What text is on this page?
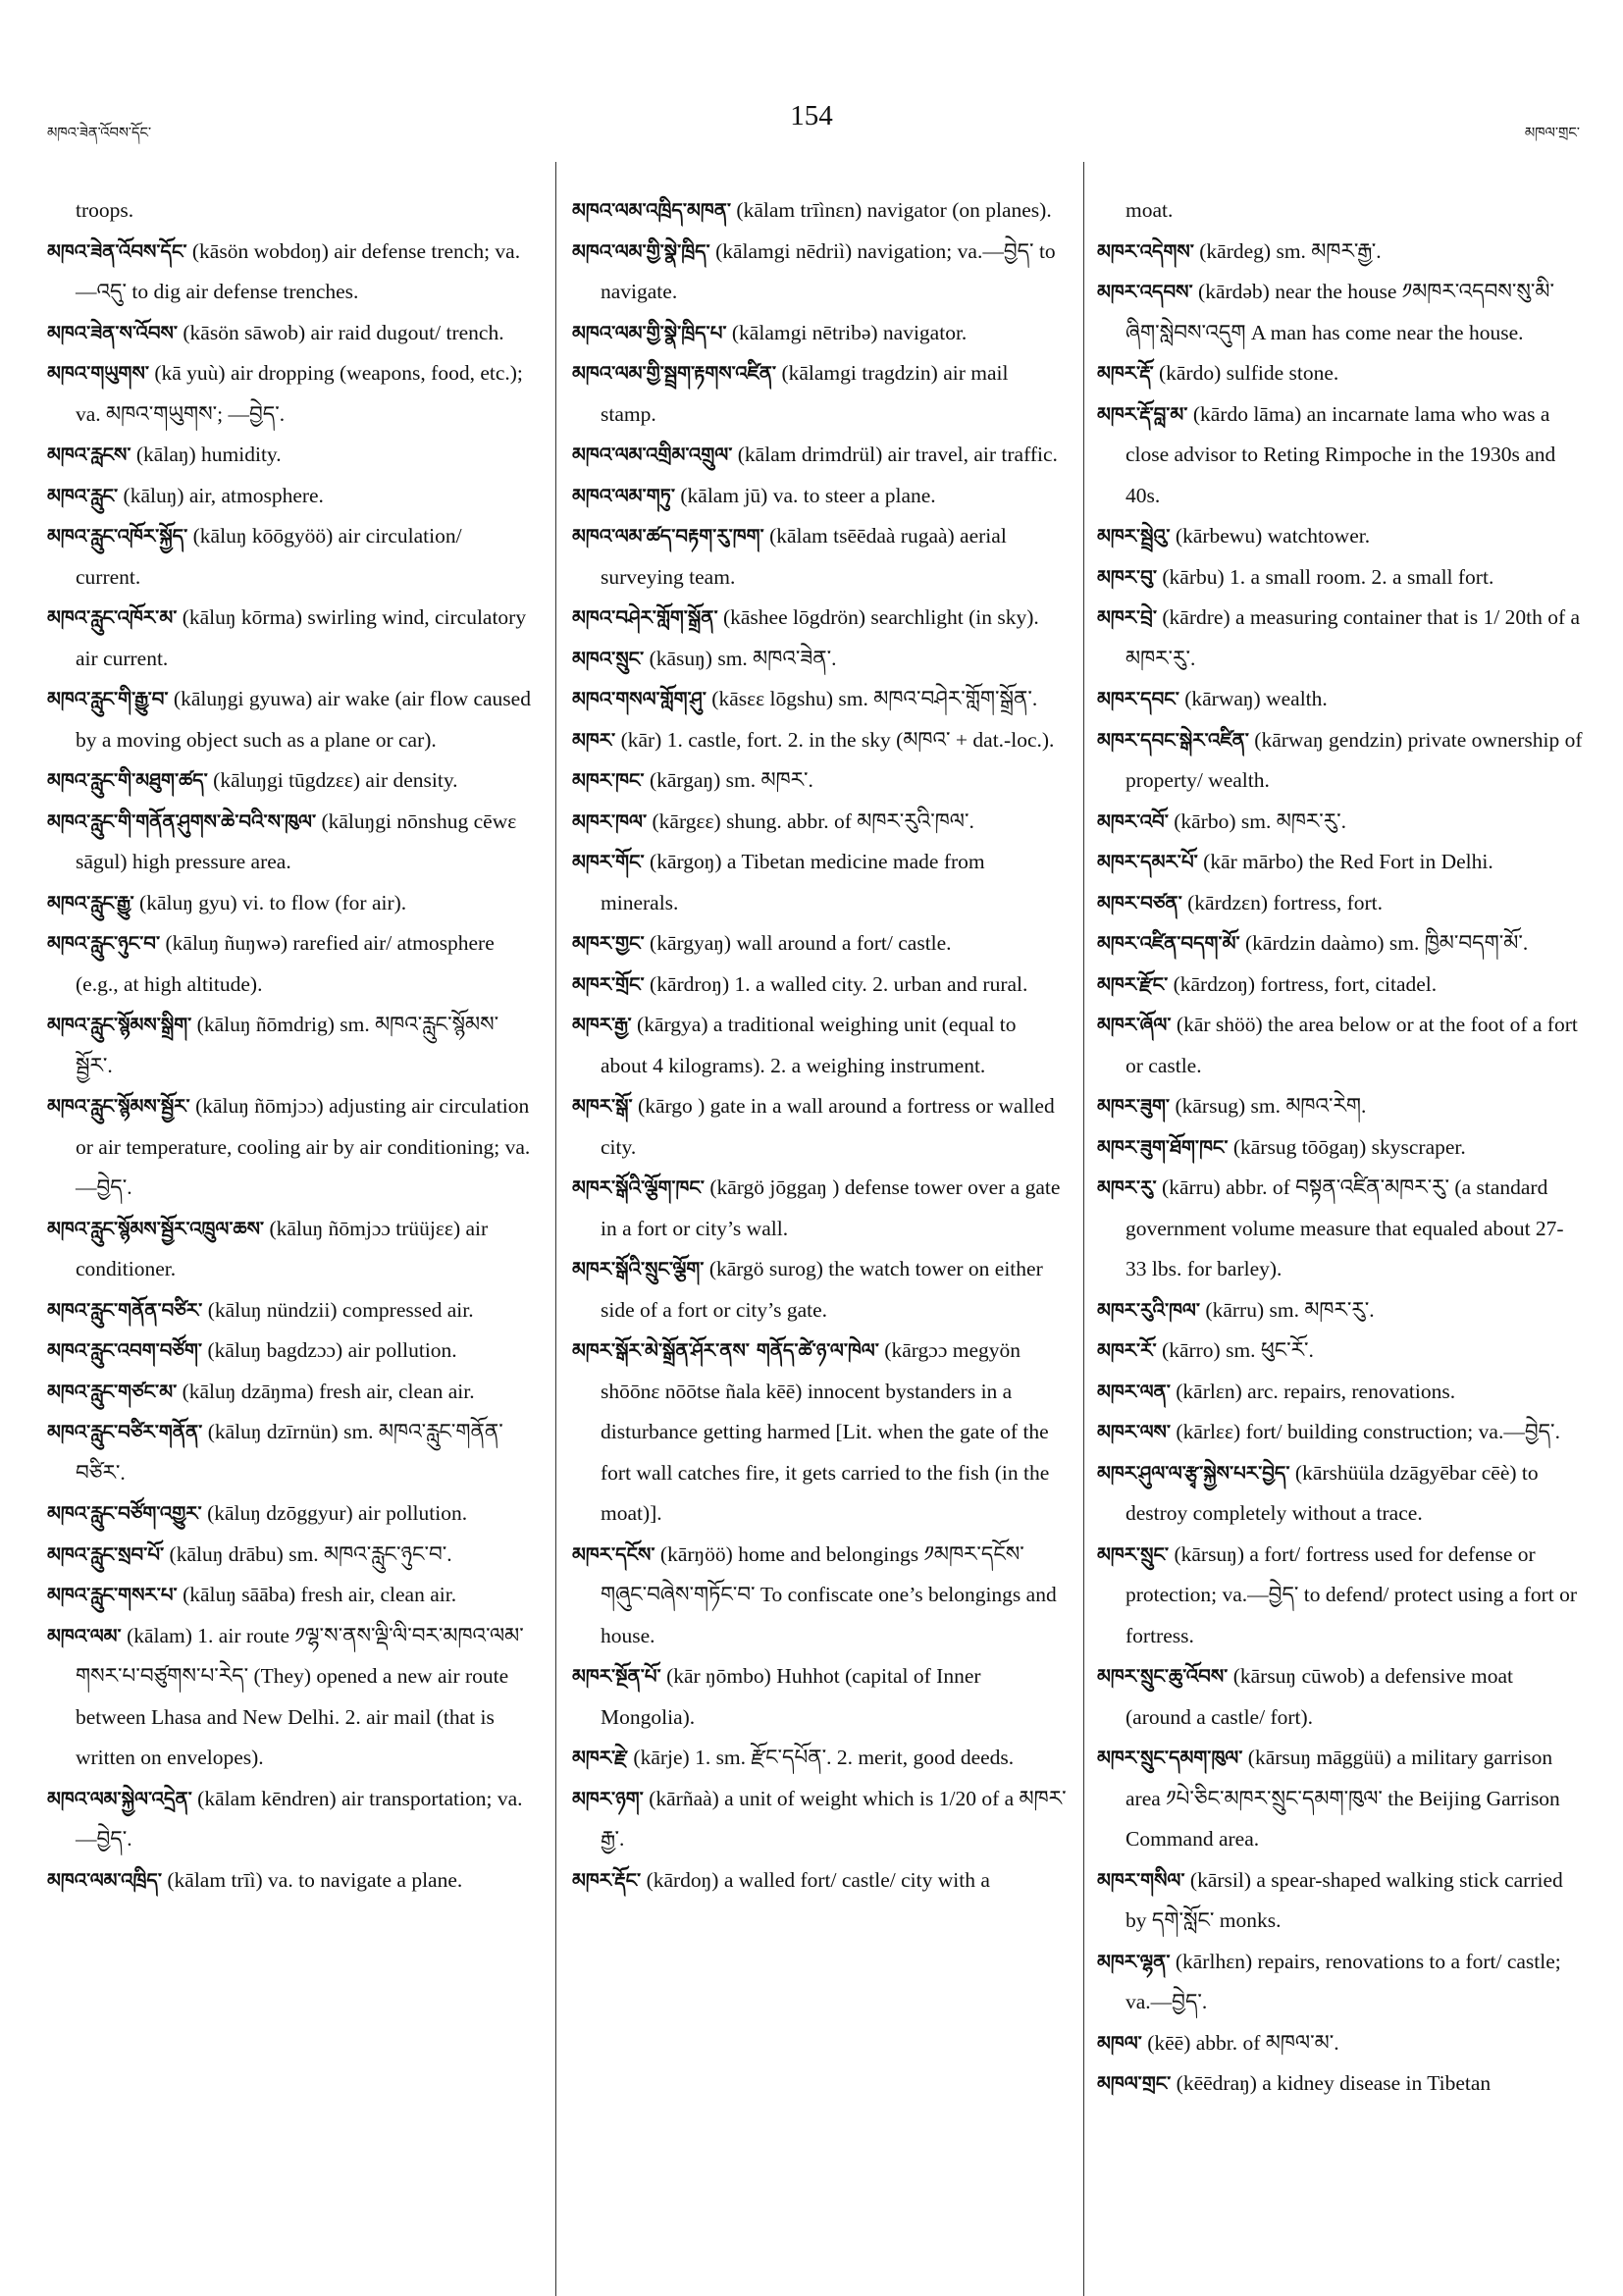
མཁའ་ཟེན་འོབས་དོང་
154
མཁལ་གྲང་
troops.
མཁའ་ཟེན་འོབས་དོང་ (kāsön wobdoŋ) air defense trench; va.—འདུ་ to dig air defense trenches.
མཁའ་ཟེན་ས་འོབས་ (kāsön sāwob) air raid dugout/ trench.
མཁའ་གཡུགས་ (kā yuù) air dropping (weapons, food, etc.); va. མཁའ་གཡུགས་; —བྱེད་.
མཁའ་རླངས་ (kālaŋ) humidity.
མཁའ་རླུང་ (kāluŋ) air, atmosphere.
མཁའ་རླུང་འཁོར་སྐྱོད་ (kāluŋ kōōgyöö) air circulation/ current.
མཁའ་རླུང་འཁོར་མ་ (kāluŋ kōrma) swirling wind, circulatory air current.
མཁའ་རླུང་གི་རྒྱུ་བ་ (kāluŋgi gyuwa) air wake (air flow caused by a moving object such as a plane or car).
མཁའ་རླུང་གི་མཐུག་ཚད་ (kāluŋgi tūgdzɛɛ) air density.
མཁའ་རླུང་གི་གནོན་ཤུགས་ཆེ་བའི་ས་ཁུལ་ (kāluŋgi nōnshug cēwɛ sāgul) high pressure area.
མཁའ་རླུང་རྒྱུ་ (kāluŋ gyu) vi. to flow (for air).
མཁའ་རླུང་ཉུང་བ་ (kāluŋ ñuŋwə) rarefied air/ atmosphere (e.g., at high altitude).
མཁའ་རླུང་སྙོམས་སྒྲིག་ (kāluŋ ñōmdrig) sm. མཁའ་རླུང་སྙོམས་སྦྱོར་.
མཁའ་རླུང་སྙོམས་སྦྱོར་ (kāluŋ ñōmjɔɔ) adjusting air circulation or air temperature, cooling air by air conditioning; va.—བྱེད་.
མཁའ་རླུང་སྙོམས་སྦྱོར་འཁྲུལ་ཆས་ (kāluŋ ñōmjɔɔ trüüjɛɛ) air conditioner.
མཁའ་རླུང་གནོན་བཙིར་ (kāluŋ nündzii) compressed air.
མཁའ་རླུང་འབག་བཙོག་ (kāluŋ bagdzɔɔ) air pollution.
མཁའ་རླུང་གཙང་མ་ (kāluŋ dzāŋma) fresh air, clean air.
མཁའ་རླུང་བཙིར་གནོན་ (kāluŋ dzīrnün) sm. མཁའ་རླུང་གནོན་བཙིར་.
མཁའ་རླུང་བཙོག་འགྱུར་ (kāluŋ dzōggyur) air pollution.
མཁའ་རླུང་སྲབ་པོ་ (kāluŋ drābu) sm. མཁའ་རླུང་ཉུང་བ་.
མཁའ་རླུང་གསར་པ་ (kāluŋ sāāba) fresh air, clean air.
མཁའ་ལམ་ (kālam) 1. air route ༡ལྷ་ས་ནས་ལྡི་ལི་བར་མཁའ་ལམ་གསར་པ་བཙུགས་པ་རེད་ (They) opened a new air route between Lhasa and New Delhi. 2. air mail (that is written on envelopes).
མཁའ་ལམ་སྐྱེལ་འདྲེན་ (kālam kēndren) air transportation; va.—བྱེད་.
མཁའ་ལམ་འཁྲིད་ (kālam trīì) va. to navigate a plane.
མཁའ་ལམ་འཁྲིད་མཁན་ (kālam trīìnɛn) navigator (on planes).
མཁའ་ལམ་གྱི་སྣེ་ཁྲིད་ (kālamgi nēdriì) navigation; va.—བྱེད་ to navigate.
མཁའ་ལམ་གྱི་སྣེ་ཁྲིད་པ་ (kālamgi nētribə) navigator.
མཁའ་ལམ་གྱི་སྦྲག་རྟགས་འཛིན་ (kālamgi tragdzin) air mail stamp.
མཁའ་ལམ་འགྲིམ་འགྲུལ་ (kālam drimdrül) air travel, air traffic.
མཁའ་ལམ་གཏུ་ (kālam jū) va. to steer a plane.
མཁའ་ལམ་ཚད་བརྟག་རུ་ཁག་ (kālam tsēēdaà rugaà) aerial surveying team.
མཁའ་བཤེར་གློག་སྒྲོན་ (kāshee lōgdrön) searchlight (in sky).
མཁའ་སྲུང་ (kāsuŋ) sm. མཁའ་ཟེན་.
མཁའ་གསལ་གློག་ཤུ་ (kāsɛɛ lōgshu) sm. མཁའ་བཤེར་གློག་སྒྲོན་.
མཁར་ (kār) 1. castle, fort. 2. in the sky (མཁའ་ + dat.-loc.).
མཁར་ཁང་ (kārgaŋ) sm. མཁར་.
མཁར་ཁལ་ (kārgɛɛ) shung. abbr. of མཁར་རུའི་ཁལ་.
མཁར་གོང་ (kārgoŋ) a Tibetan medicine made from minerals.
མཁར་གྱང་ (kārgyaŋ) wall around a fort/ castle.
མཁར་གྲོང་ (kārdroŋ) 1. a walled city. 2. urban and rural.
མཁར་རྒྱ་ (kārgya) a traditional weighing unit (equal to about 4 kilograms). 2. a weighing instrument.
མཁར་སྒོ་ (kārgo ) gate in a wall around a fortress or walled city.
མཁར་སྒོའི་ལྕོག་ཁང་ (kārgö jōggaŋ ) defense tower over a gate in a fort or city’s wall.
མཁར་སྒོའི་སྲུང་ལྕོག་ (kārgö surog) the watch tower on either side of a fort or city’s gate.
མཁར་སྒོར་མེ་སྒྲོན་ཤོར་ནས་ གནོད་ཚེ་ཉ་ལ་ཁེལ་ (kārgɔɔ megyön shōōnɛ nōōtse ñala kēē) innocent bystanders in a disturbance getting harmed [Lit. when the gate of the fort wall catches fire, it gets carried to the fish (in the moat)].
མཁར་དངོས་ (kārŋöö) home and belongings ༡མཁར་དངོས་གཞུང་བཞེས་གཏོང་བ་ To confiscate one’s belongings and house.
མཁར་སྔོན་པོ་ (kār ŋōmbo) Huhhot (capital of Inner Mongolia).
མཁར་རྗེ་ (kārje) 1. sm. རྫོང་དཔོན་. 2. merit, good deeds.
མཁར་ཉག་ (kārñaà) a unit of weight which is 1/20 of a མཁར་རྒྱ་.
མཁར་རྡོང་ (kārdoŋ) a walled fort/ castle/ city with a
moat.
མཁར་འདེགས་ (kārdeg) sm. མཁར་རྒྱ་.
མཁར་འདབས་ (kārdəb) near the house ༡མཁར་འདབས་སུ་མི་ཞིག་སླེབས་འདུག A man has come near the house.
མཁར་རྡོ་ (kārdo) sulfide stone.
མཁར་རྡོ་བླ་མ་ (kārdo lāma) an incarnate lama who was a close advisor to Reting Rimpoche in the 1930s and 40s.
མཁར་སྦྲེའུ་ (kārbewu) watchtower.
མཁར་བུ་ (kārbu) 1. a small room. 2. a small fort.
མཁར་བྲེ་ (kārdre) a measuring container that is 1/ 20th of a མཁར་རུ་.
མཁར་དབང་ (kārwaŋ) wealth.
མཁར་དབང་སྒེར་འཛིན་ (kārwaŋ gendzin) private ownership of property/ wealth.
མཁར་འབོ་ (kārbo) sm. མཁར་རུ་.
མཁར་དམར་པོ་ (kār mārbo) the Red Fort in Delhi.
མཁར་བཙན་ (kārdzɛn) fortress, fort.
མཁར་འཛིན་བདག་མོ་ (kārdzin daàmo) sm. ཁྱིམ་བདག་མོ་.
མཁར་རྫོང་ (kārdzoŋ) fortress, fort, citadel.
མཁར་ཞོལ་ (kār shöö) the area below or at the foot of a fort or castle.
མཁར་ཟུག་ (kārsug) sm. མཁའ་རེག.
མཁར་ཟུག་ཐོག་ཁང་ (kārsug tōōgaŋ) skyscraper.
མཁར་རུ་ (kārru) abbr. of བསྟན་འཛིན་མཁར་རུ་ (a standard government volume measure that equaled about 27-33 lbs. for barley).
མཁར་རུའི་ཁལ་ (kārru) sm. མཁར་རུ་.
མཁར་རོ་ (kārro) sm. ཕུང་རོ་.
མཁར་ལན་ (kārlɛn) arc. repairs, renovations.
མཁར་ལས་ (kārlɛɛ) fort/ building construction; va.—བྱེད་.
མཁར་ཤུལ་ལ་རྩྭ་སྐྱེས་པར་བྱེད་ (kārshüüla dzāgyēbar cēè) to destroy completely without a trace.
མཁར་སྲུང་ (kārsuŋ) a fort/ fortress used for defense or protection; va.—བྱེད་ to defend/ protect using a fort or fortress.
མཁར་སྲུང་ཆུ་འོབས་ (kārsuŋ cūwob) a defensive moat (around a castle/ fort).
མཁར་སྲུང་དམག་ཁུལ་ (kārsuŋ māggüü) a military garrison area ༡པེ་ཅིང་མཁར་སྲུང་དམག་ཁུལ་ the Beijing Garrison Command area.
མཁར་གསིལ་ (kārsil) a spear-shaped walking stick carried by དགེ་སློང་ monks.
མཁར་ལྷན་ (kārlhɛn) repairs, renovations to a fort/ castle; va.—བྱེད་.
མཁལ་ (kēē) abbr. of མཁལ་མ་.
མཁལ་གྲང་ (kēēdraŋ) a kidney disease in Tibetan
